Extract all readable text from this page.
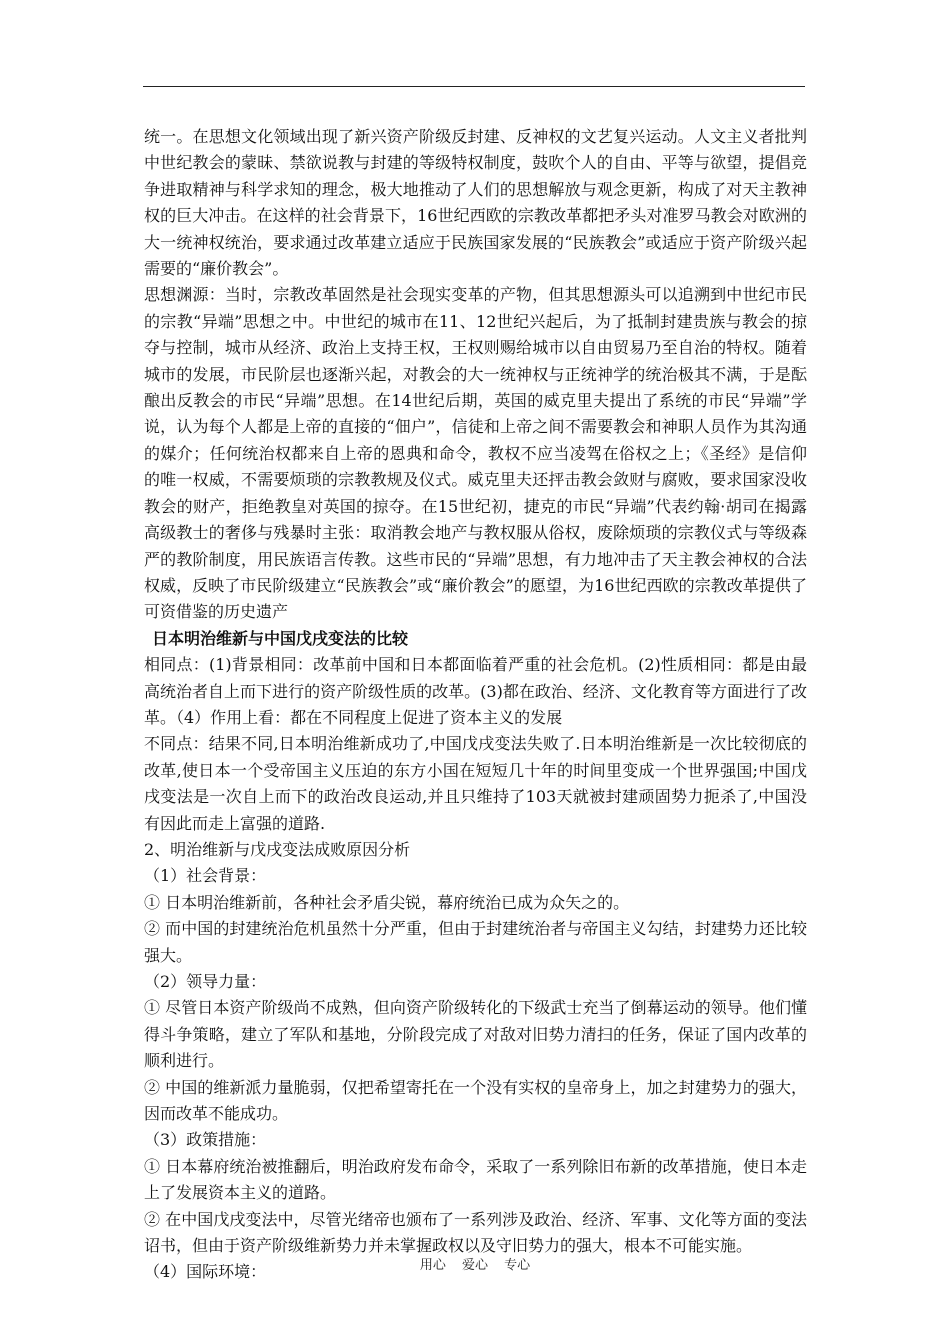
统一。在思想文化领域出现了新兴资产阶级反封建、反神权的文艺复兴运动。人文主义者批判中世纪教会的蒙昧、禁欲说教与封建的等级特权制度，鼓吹个人的自由、平等与欲望，提倡竞争进取精神与科学求知的理念，极大地推动了人们的思想解放与观念更新，构成了对天主教神权的巨大冲击。在这样的社会背景下，16世纪西欧的宗教改革都把矛头对准罗马教会对欧洲的大一统神权统治，要求通过改革建立适应于民族国家发展的“民族教会”或适应于资产阶级兴起需要的“廉价教会”。

思想渊源：当时，宗教改革固然是社会现实变革的产物，但其思想源头可以追溯到中世纪市民的宗教“异端”思想之中。中世纪的城市在11、12世纪兴起后，为了抵制封建贵族与教会的掠夺与控制，城市从经济、政治上支持王权，王权则赐给城市以自由贸易乃至自治的特权。随着城市的发展，市民阶层也逐渐兴起，对教会的大一统神权与正统神学的统治极其不满，于是酝酿出反教会的市民“异端”思想。在14世纪后期，英国的威克里夫提出了系统的市民“异端”学说，认为每个人都是上帝的直接的“佃户”，信徒和上帝之间不需要教会和神职人员作为其沟通的媒介；任何统治权都来自上帝的恩典和命令，教权不应当凌驾在俗权之上；《圣经》是信仰的唯一权威，不需要烦琐的宗教教规及仪式。威克里夫还抨击教会敛财与腐败，要求国家没收教会的财产，拒绝教皇对英国的掠夺。在15世纪初，捷克的市民“异端”代表约翰·胡司在揭露高级教士的奢侈与残暴时主张：取消教会地产与教权服从俗权，废除烦琐的宗教仪式与等级森严的教阶制度，用民族语言传教。这些市民的“异端”思想，有力地冲击了天主教会神权的合法权威，反映了市民阶级建立“民族教会”或“廉价教会”的愿望，为16世纪西欧的宗教改革提供了可资借鉴的历史遗产

日本明治维新与中国戊戌变法的比较

相同点：(1)背景相同：改革前中国和日本都面临着严重的社会危机。(2)性质相同：都是由最高统治者自上而下进行的资产阶级性质的改革。(3)都在政治、经济、文化教育等方面进行了改革。（4）作用上看：都在不同程度上促进了资本主义的发展

不同点：结果不同,日本明治维新成功了,中国戊戌变法失败了.日本明治维新是一次比较彻底的改革,使日本一个受帝国主义压迫的东方小国在短短几十年的时间里变成一个世界强国;中国戊戌变法是一次自上而下的政治改良运动,并且只维持了103天就被封建顽固势力扼杀了,中国没有因此而走上富强的道路.

2、明治维新与戊戌变法成败原因分析

（1）社会背景：

① 日本明治维新前，各种社会矛盾尖锐，幕府统治已成为众矢之的。

② 而中国的封建统治危机虽然十分严重，但由于封建统治者与帝国主义勾结，封建势力还比较强大。

（2）领导力量：

① 尽管日本资产阶级尚不成熟，但向资产阶级转化的下级武士充当了倒幕运动的领导。他们懂得斗争策略，建立了军队和基地，分阶段完成了对敌对旧势力清扫的任务，保证了国内改革的顺利进行。

② 中国的维新派力量脆弱，仅把希望寄托在一个没有实权的皇帝身上，加之封建势力的强大，因而改革不能成功。

（3）政策措施：

① 日本幕府统治被推翻后，明治政府发布命令，采取了一系列除旧布新的改革措施，使日本走上了发展资本主义的道路。

② 在中国戊戌变法中，尽管光绪帝也颁布了一系列涉及政治、经济、军事、文化等方面的变法诏书，但由于资产阶级维新势力并未掌握政权以及守旧势力的强大，根本不可能实施。

（4）国际环境：	用心 爱心 专心
